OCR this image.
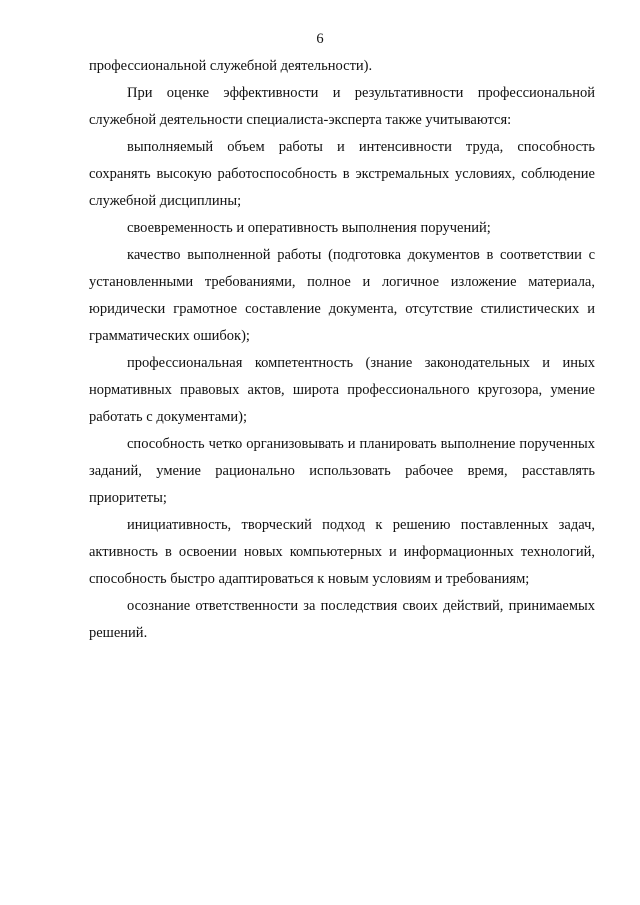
6

профессиональной служебной деятельности).

При оценке эффективности и результативности профессиональной служебной деятельности специалиста-эксперта также учитываются:

выполняемый объем работы и интенсивности труда, способность сохранять высокую работоспособность в экстремальных условиях, соблюдение служебной дисциплины;

своевременность и оперативность выполнения поручений;

качество выполненной работы (подготовка документов в соответствии с установленными требованиями, полное и логичное изложение материала, юридически грамотное составление документа, отсутствие стилистических и грамматических ошибок);

профессиональная компетентность (знание законодательных и иных нормативных правовых актов, широта профессионального кругозора, умение работать с документами);

способность четко организовывать и планировать выполнение порученных заданий, умение рационально использовать рабочее время, расставлять приоритеты;

инициативность, творческий подход к решению поставленных задач, активность в освоении новых компьютерных и информационных технологий, способность быстро адаптироваться к новым условиям и требованиям;

осознание ответственности за последствия своих действий, принимаемых решений.
